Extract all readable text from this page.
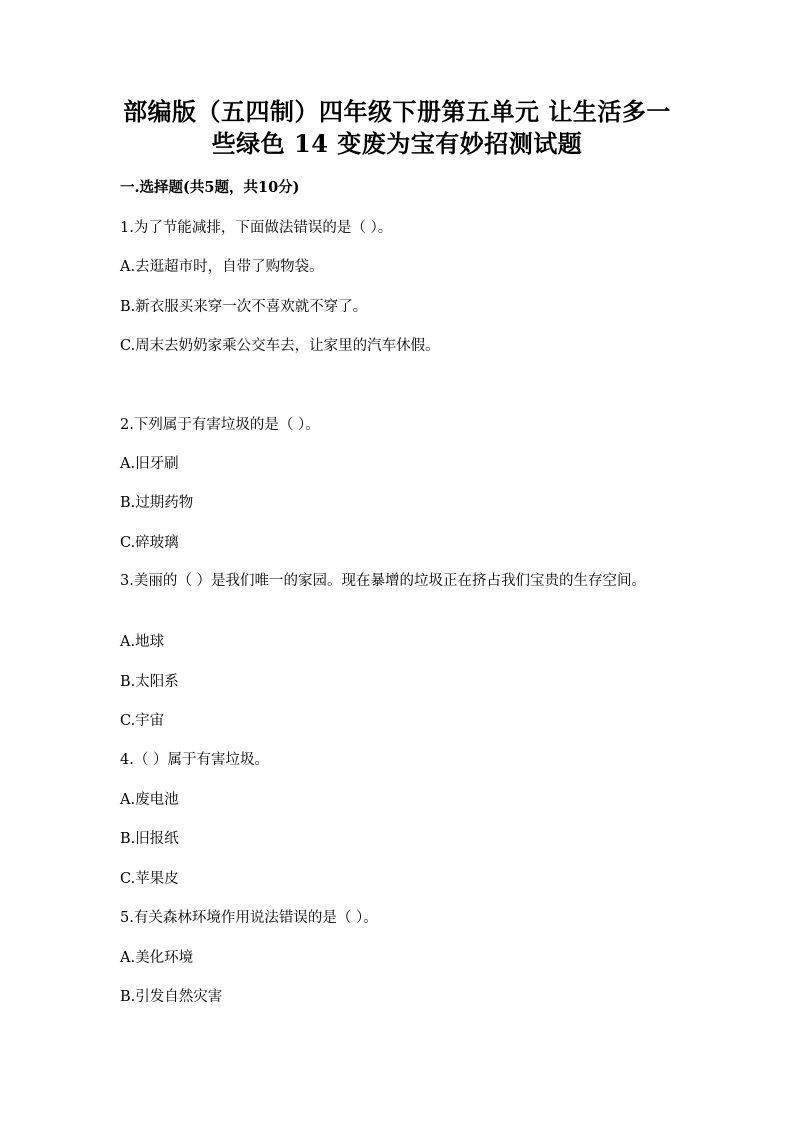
部编版（五四制）四年级下册第五单元 让生活多一
些绿色 14 变废为宝有妙招测试题
一.选择题(共5题，共10分)
1.为了节能减排，下面做法错误的是（ ）。
A.去逛超市时，自带了购物袋。
B.新衣服买来穿一次不喜欢就不穿了。
C.周末去奶奶家乘公交车去，让家里的汽车休假。
2.下列属于有害垃圾的是（ ）。
A.旧牙刷
B.过期药物
C.碎玻璃
3.美丽的（ ）是我们唯一的家园。现在暴增的垃圾正在挤占我们宝贵的生存空间。
A.地球
B.太阳系
C.宇宙
4.（ ）属于有害垃圾。
A.废电池
B.旧报纸
C.苹果皮
5.有关森林环境作用说法错误的是（ ）。
A.美化环境
B.引发自然灾害
